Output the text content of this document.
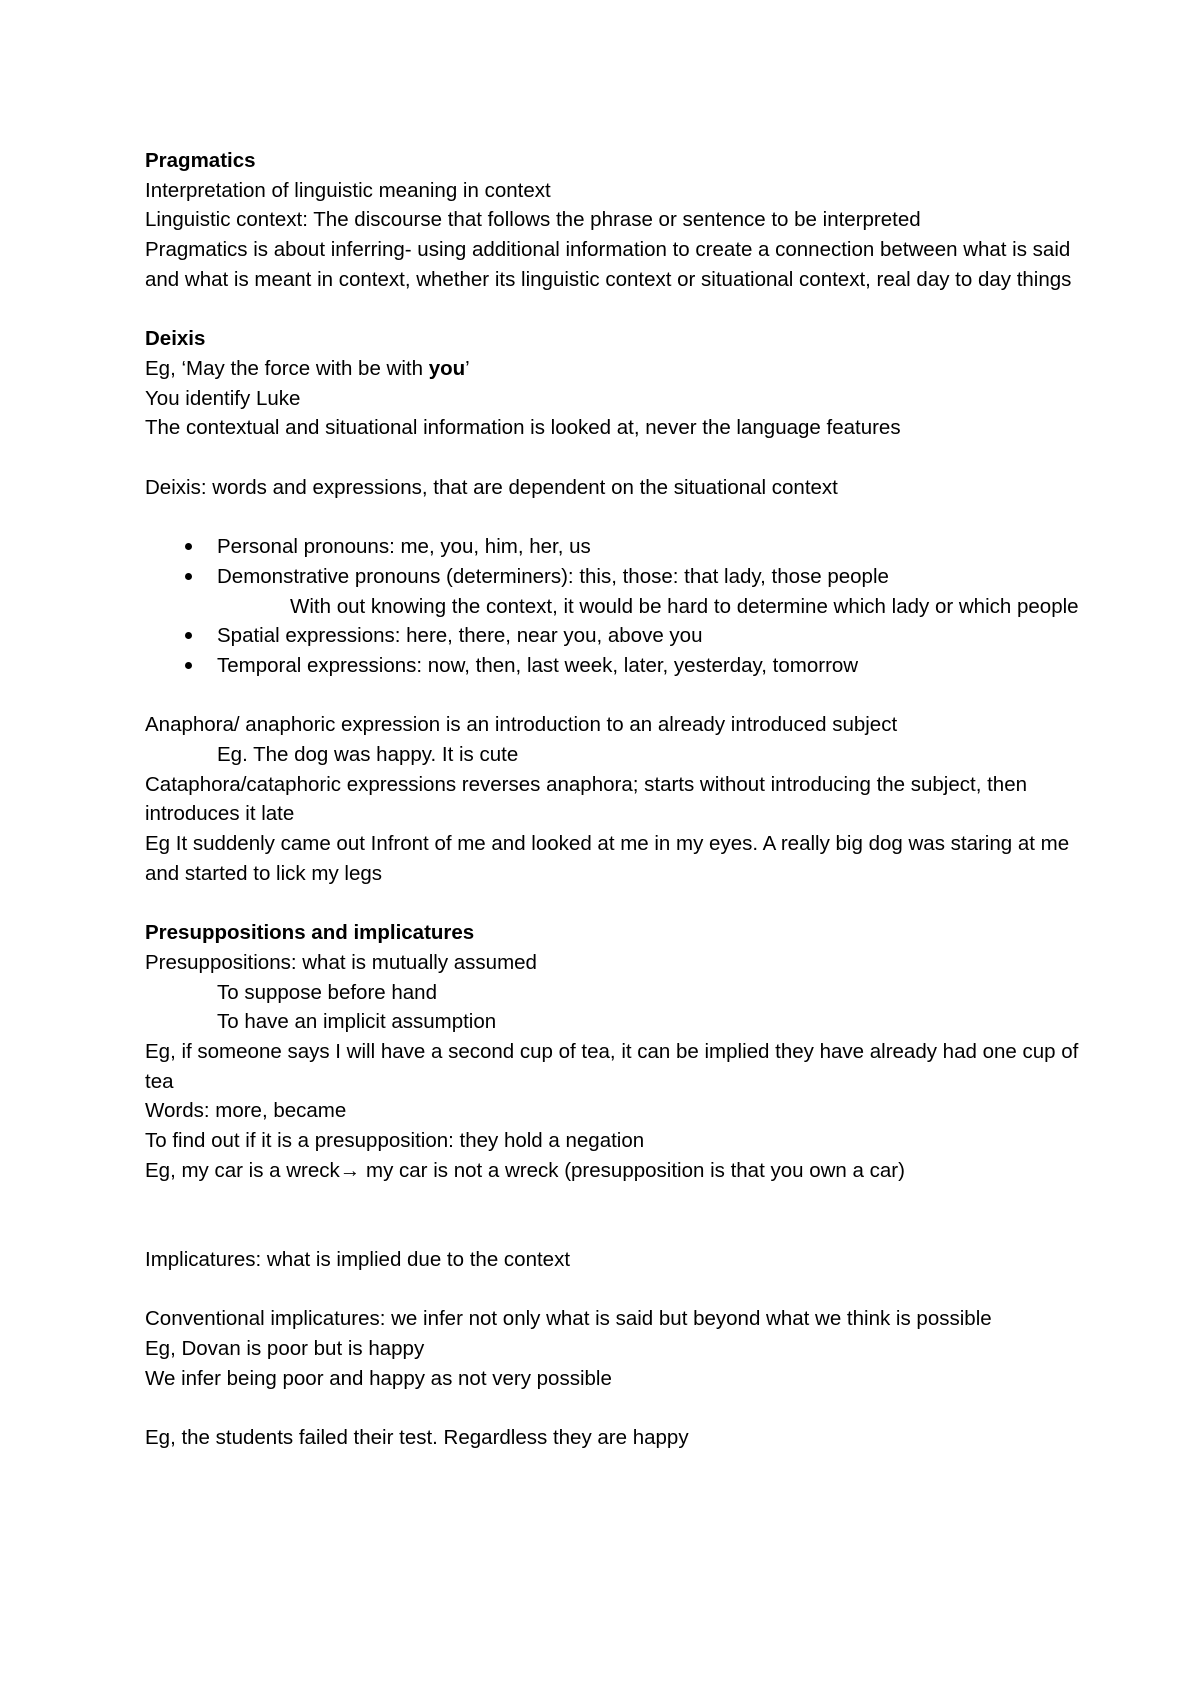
Pragmatics

Interpretation of linguistic meaning in context

Linguistic context: The discourse that follows the phrase or sentence to be interpreted

Pragmatics is about inferring- using additional information to create a connection between what is said and what is meant in context, whether its linguistic context or situational context, real day to day things

Deixis

Eg, ‘May the force with be with you’

You identify Luke

The contextual and situational information is looked at, never the language features

Deixis: words and expressions, that are dependent on the situational context

Personal pronouns: me, you, him, her, us
Demonstrative pronouns (determiners): this, those: that lady, those people
With out knowing the context, it would be hard to determine which lady or which people
Spatial expressions: here, there, near you, above you
Temporal expressions: now, then, last week, later, yesterday, tomorrow

Anaphora/ anaphoric expression is an introduction to an already introduced subject

Eg. The dog was happy. It is cute

Cataphora/cataphoric expressions reverses anaphora; starts without introducing the subject, then introduces it late

Eg It suddenly came out Infront of me and looked at me in my eyes. A really big dog was staring at me and started to lick my legs

Presuppositions and implicatures

Presuppositions: what is mutually assumed

To suppose before hand

To have an implicit assumption

Eg, if someone says I will have a second cup of tea, it can be implied they have already had one cup of tea

Words: more, became

To find out if it is a presupposition: they hold a negation

Eg, my car is a wreck→ my car is not a wreck (presupposition is that you own a car)

Implicatures: what is implied due to the context

Conventional implicatures: we infer not only what is said but beyond what we think is possible

Eg, Dovan is poor but is happy

We infer being poor and happy as not very possible

Eg, the students failed their test. Regardless they are happy
